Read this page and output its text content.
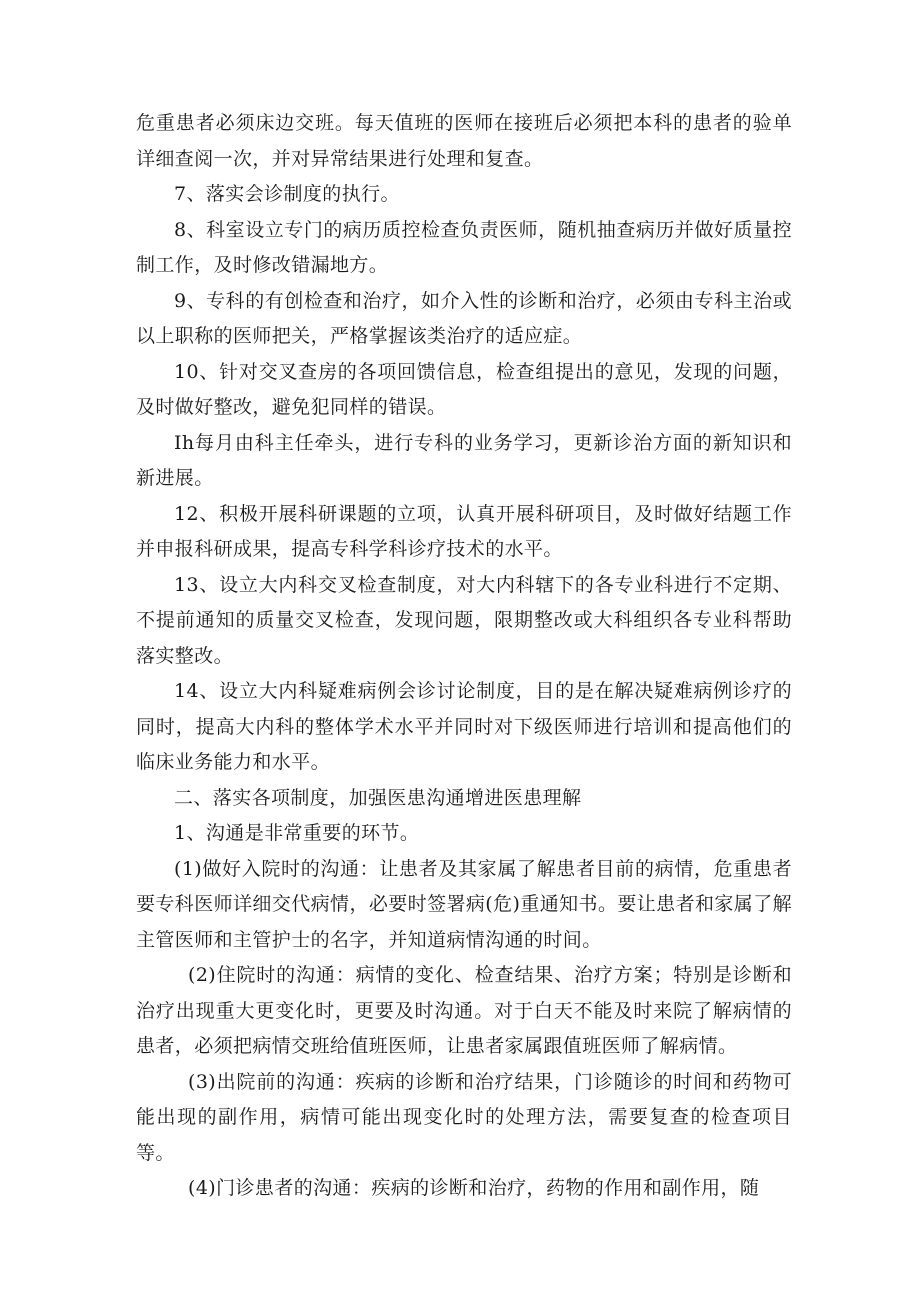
危重患者必须床边交班。每天值班的医师在接班后必须把本科的患者的验单详细查阅一次，并对异常结果进行处理和复查。

7、落实会诊制度的执行。

8、科室设立专门的病历质控检查负责医师，随机抽查病历并做好质量控制工作，及时修改错漏地方。

9、专科的有创检查和治疗，如介入性的诊断和治疗，必须由专科主治或以上职称的医师把关，严格掌握该类治疗的适应症。

10、针对交叉查房的各项回馈信息，检查组提出的意见，发现的问题，及时做好整改，避免犯同样的错误。

Ih每月由科主任牵头，进行专科的业务学习，更新诊治方面的新知识和新进展。

12、积极开展科研课题的立项，认真开展科研项目，及时做好结题工作并申报科研成果，提高专科学科诊疗技术的水平。

13、设立大内科交叉检查制度，对大内科辖下的各专业科进行不定期、不提前通知的质量交叉检查，发现问题，限期整改或大科组织各专业科帮助落实整改。

14、设立大内科疑难病例会诊讨论制度，目的是在解决疑难病例诊疗的同时，提高大内科的整体学术水平并同时对下级医师进行培训和提高他们的临床业务能力和水平。

二、落实各项制度，加强医患沟通增进医患理解

1、沟通是非常重要的环节。

(1)做好入院时的沟通：让患者及其家属了解患者目前的病情，危重患者要专科医师详细交代病情，必要时签署病(危)重通知书。要让患者和家属了解主管医师和主管护士的名字，并知道病情沟通的时间。

(2)住院时的沟通：病情的变化、检查结果、治疗方案；特别是诊断和治疗出现重大更变化时，更要及时沟通。对于白天不能及时来院了解病情的患者，必须把病情交班给值班医师，让患者家属跟值班医师了解病情。

(3)出院前的沟通：疾病的诊断和治疗结果，门诊随诊的时间和药物可能出现的副作用，病情可能出现变化时的处理方法，需要复查的检查项目等。

(4)门诊患者的沟通：疾病的诊断和治疗，药物的作用和副作用，随
